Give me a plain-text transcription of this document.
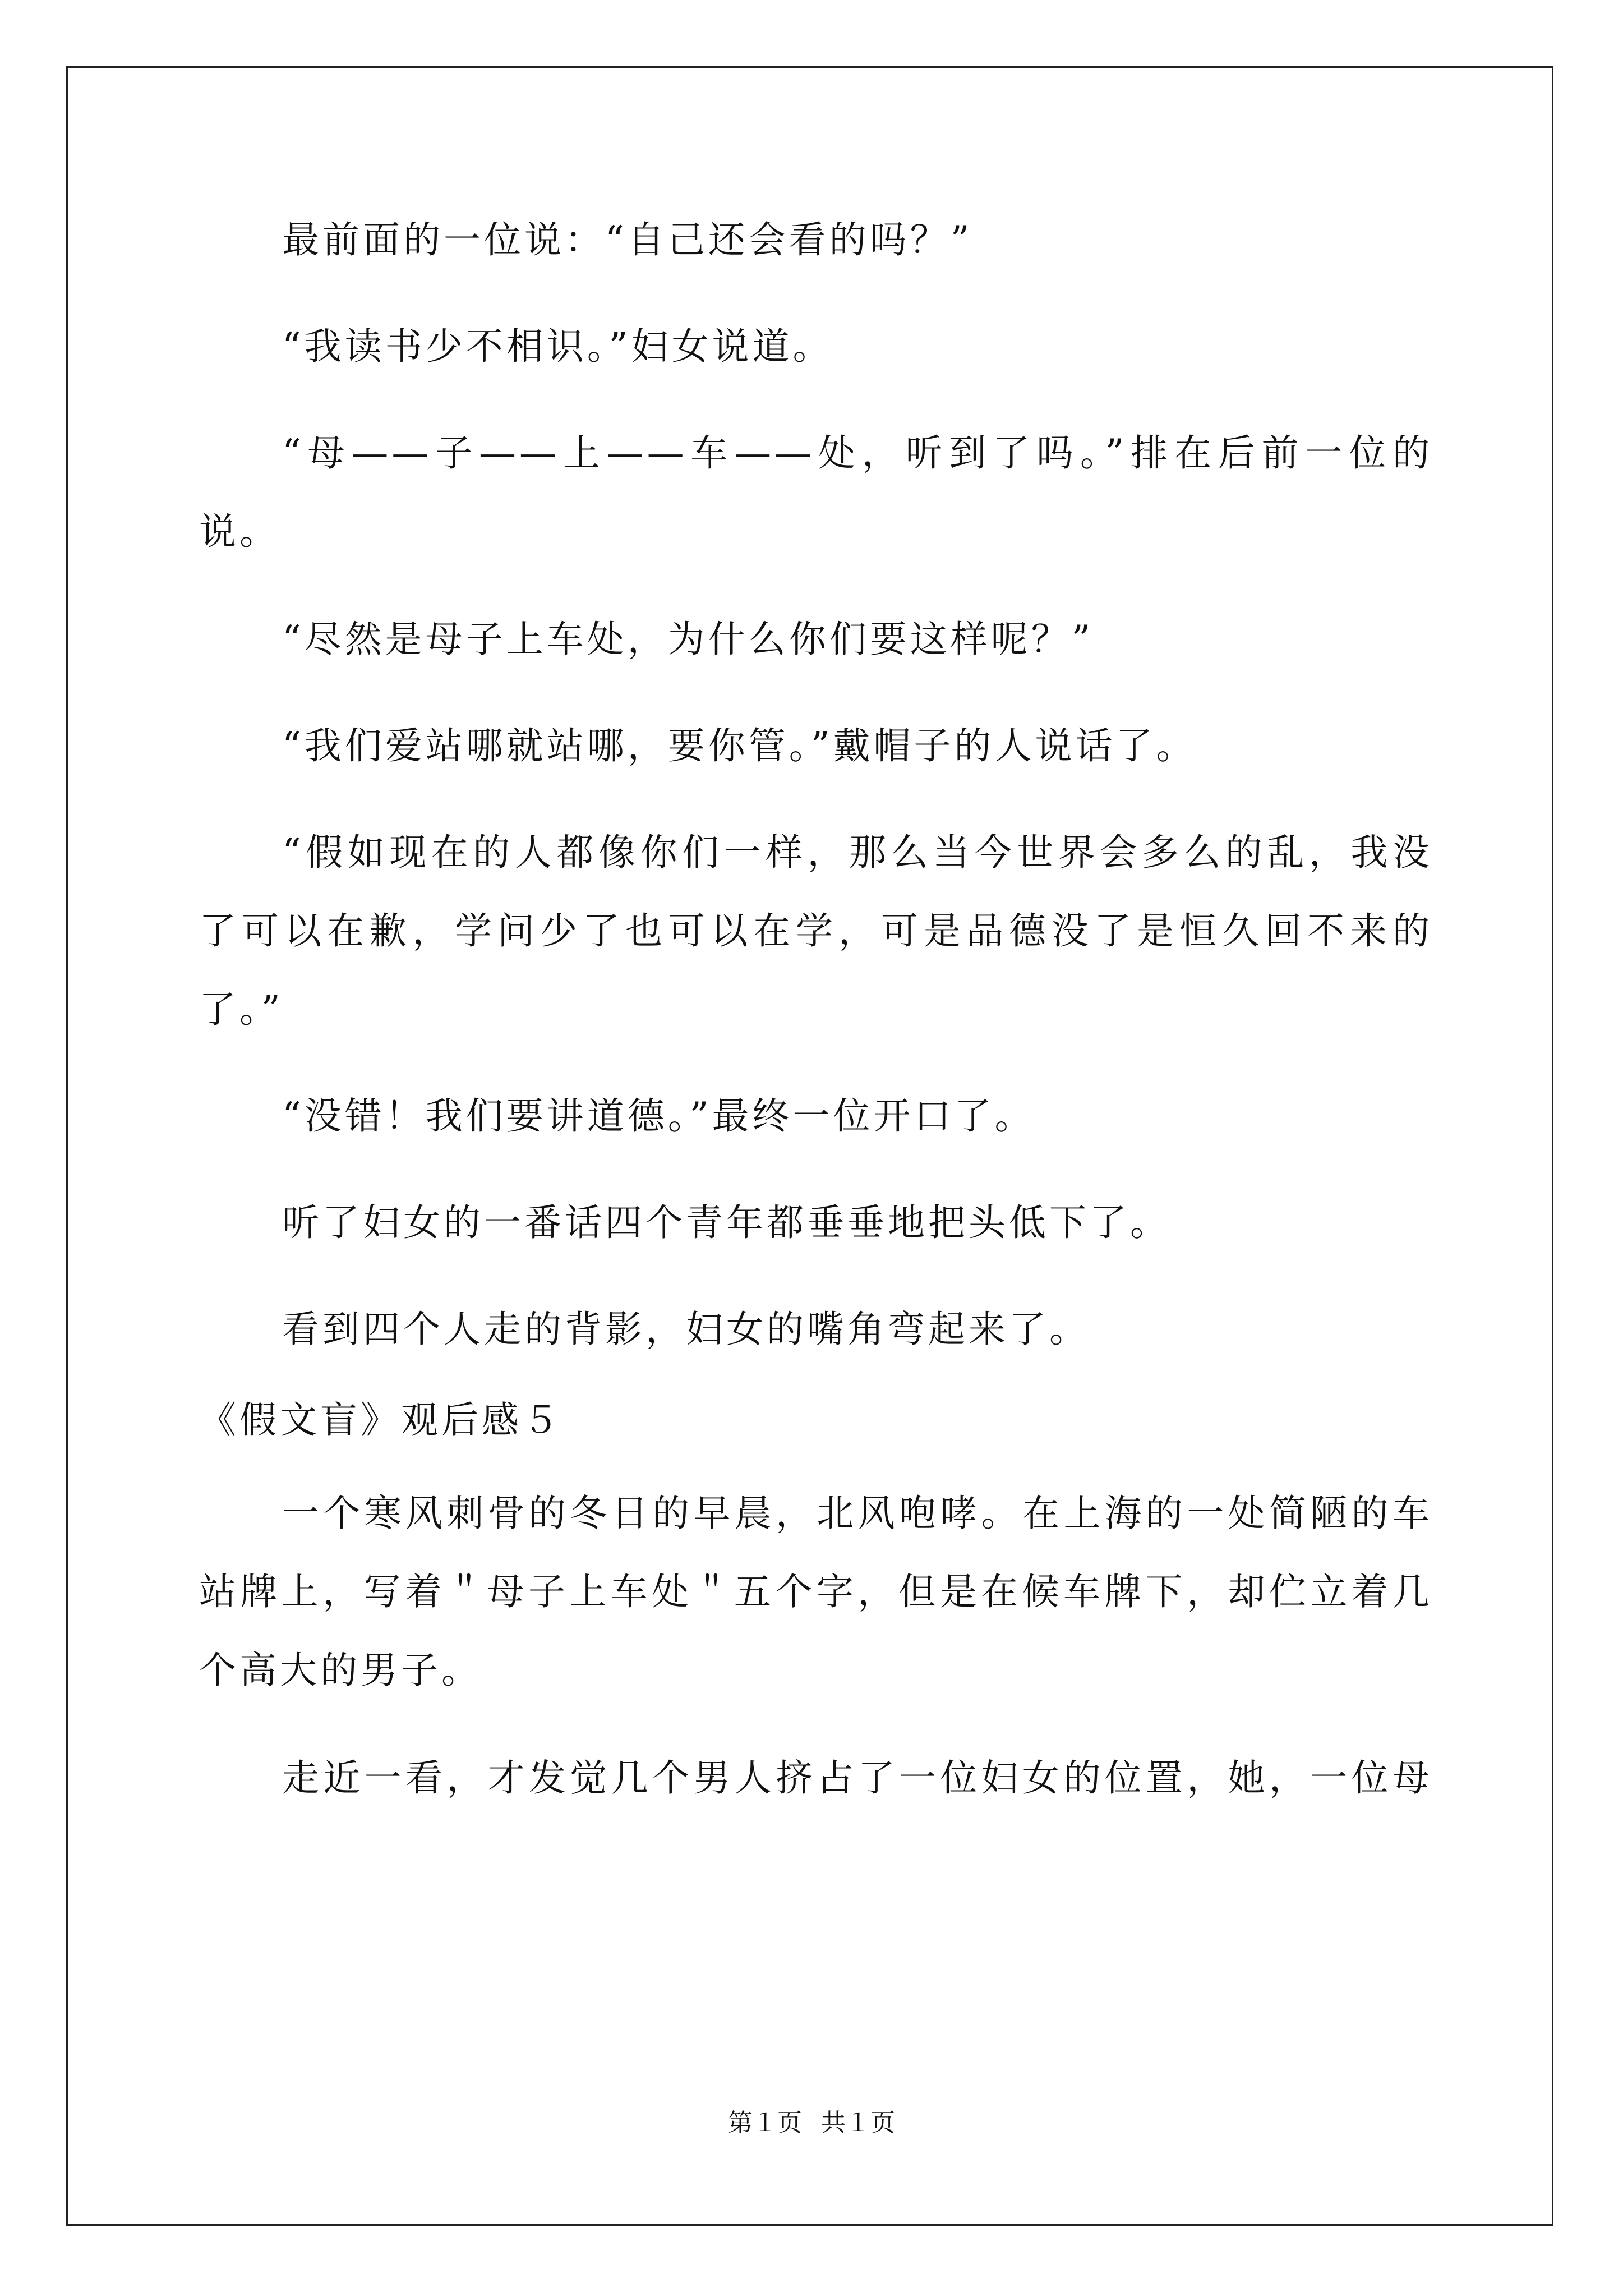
最前面的一位说：“自己还会看的吗？”
“我读书少不相识。”妇女说道。
“母——子——上——车——处，听到了吗。”排在后前一位的
说。
“尽然是母子上车处，为什么你们要这样呢？”
“我们爱站哪就站哪，要你管。”戴帽子的人说话了。
“假如现在的人都像你们一样，那么当今世界会多么的乱，我没
了可以在歉，学问少了也可以在学，可是品德没了是恒久回不来的
了。”
“没错！我们要讲道德。”最终一位开口了。
听了妇女的一番话四个青年都垂垂地把头低下了。
看到四个人走的背影，妇女的嘴角弯起来了。
《假文盲》观后感５
一个寒风刺骨的冬日的早晨，北风咆哮。在上海的一处简陋的车
站牌上，写着＂母子上车处＂五个字，但是在候车牌下，却伫立着几
个高大的男子。
走近一看，才发觉几个男人挤占了一位妇女的位置，她，一位母
第１页 共１页
